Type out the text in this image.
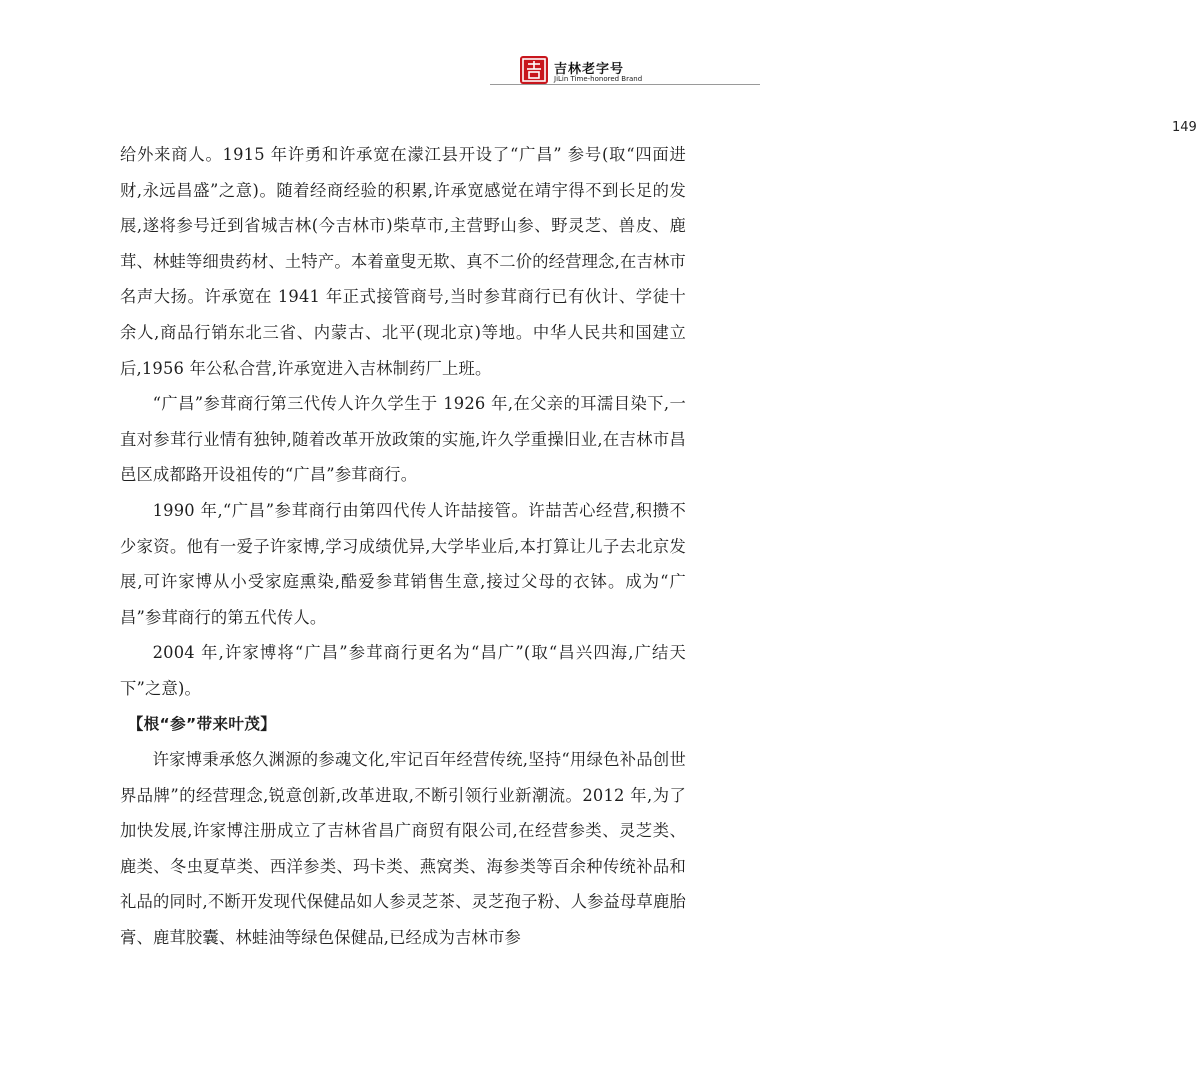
吉林老字号
JiLin Time-honored Brand
149

给外来商人。1915 年许勇和许承宽在濛江县开设了“广昌” 参号(取“四面进财,永远昌盛”之意)。随着经商经验的积累,许承宽感觉在靖宇得不到长足的发展,遂将参号迁到省城吉林(今吉林市)柴草市,主营野山参、野灵芝、兽皮、鹿茸、林蛙等细贵药材、土特产。本着童叟无欺、真不二价的经营理念,在吉林市名声大扬。许承宽在 1941 年正式接管商号,当时参茸商行已有伙计、学徒十余人,商品行销东北三省、内蒙古、北平(现北京)等地。中华人民共和国建立后,1956 年公私合营,许承宽进入吉林制药厂上班。

“广昌”参茸商行第三代传人许久学生于 1926 年,在父亲的耳濡目染下,一直对参茸行业情有独钟,随着改革开放政策的实施,许久学重操旧业,在吉林市昌邑区成都路开设祖传的“广昌”参茸商行。

1990 年,“广昌”参茸商行由第四代传人许喆接管。许喆苦心经营,积攒不少家资。他有一爱子许家博,学习成绩优异,大学毕业后,本打算让儿子去北京发展,可许家博从小受家庭熏染,酷爱参茸销售生意,接过父母的衣钵。成为“广昌”参茸商行的第五代传人。

2004 年,许家博将“广昌”参茸商行更名为“昌广”(取“昌兴四海,广结天下”之意)。

【根“参”带来叶茂】

许家博秉承悠久渊源的参魂文化,牢记百年经营传统,坚持“用绿色补品创世界品牌”的经营理念,锐意创新,改革进取,不断引领行业新潮流。2012 年,为了加快发展,许家博注册成立了吉林省昌广商贸有限公司,在经营参类、灵芝类、鹿类、冬虫夏草类、西洋参类、玛卡类、燕窝类、海参类等百余种传统补品和礼品的同时,不断开发现代保健品如人参灵芝茶、灵芝孢子粉、人参益母草鹿胎膏、鹿茸胶囊、林蛙油等绿色保健品,已经成为吉林市参
